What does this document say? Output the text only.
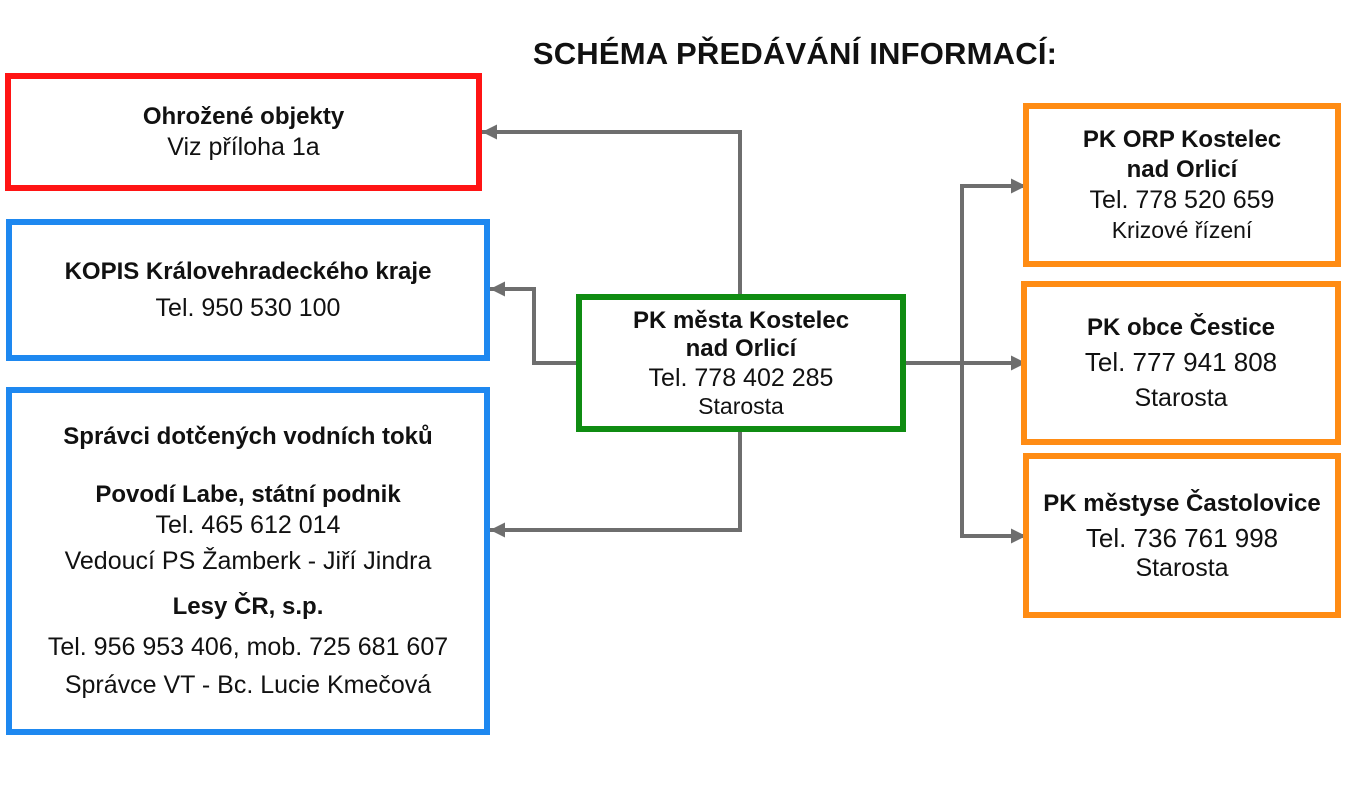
SCHÉMA PŘEDÁVÁNÍ INFORMACÍ:
Ohrožené objekty
Viz příloha 1a
KOPIS Královehradeckého kraje
Tel. 950 530 100
Správci dotčených vodních toků
Povodí Labe, státní podnik
Tel. 465 612 014
Vedoucí PS Žamberk - Jiří Jindra
Lesy ČR, s.p.
Tel. 956 953 406, mob. 725 681 607
Správce VT - Bc. Lucie Kmečová
PK města Kostelec
nad Orlicí
Tel. 778 402 285
Starosta
PK ORP Kostelec
nad Orlicí
Tel. 778 520 659
Krizové řízení
PK obce Čestice
Tel. 777 941 808
Starosta
PK městyse Častolovice
Tel. 736 761 998
Starosta
